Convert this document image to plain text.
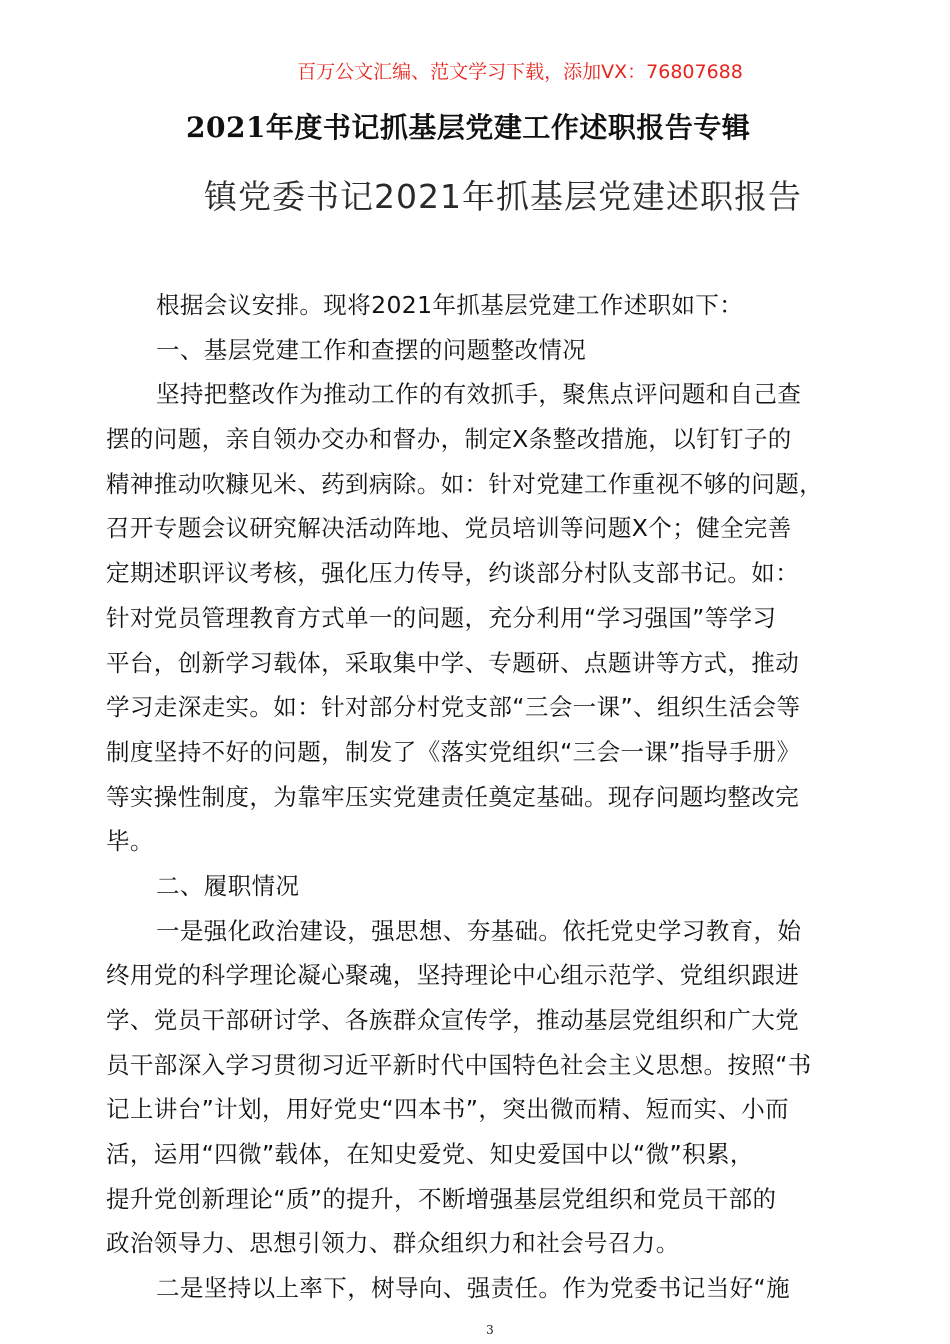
百万公文汇编、范文学习下载，添加VX：76807688
2021年度书记抓基层党建工作述职报告专辑
镇党委书记2021年抓基层党建述职报告
根据会议安排。现将2021年抓基层党建工作述职如下：
一、基层党建工作和查摆的问题整改情况
坚持把整改作为推动工作的有效抓手，聚焦点评问题和自己查
摆的问题，亲自领办交办和督办，制定X条整改措施，以钉钉子的
精神推动吹糠见米、药到病除。如：针对党建工作重视不够的问题，
召开专题会议研究解决活动阵地、党员培训等问题X个；健全完善
定期述职评议考核，强化压力传导，约谈部分村队支部书记。如：
针对党员管理教育方式单一的问题，充分利用“学习强国”等学习
平台，创新学习载体，采取集中学、专题研、点题讲等方式，推动
学习走深走实。如：针对部分村党支部“三会一课”、组织生活会等
制度坚持不好的问题，制发了《落实党组织“三会一课”指导手册》
等实操性制度，为靠牢压实党建责任奠定基础。现存问题均整改完
毕。
二、履职情况
一是强化政治建设，强思想、夯基础。依托党史学习教育，始
终用党的科学理论凝心聚魂，坚持理论中心组示范学、党组织跟进
学、党员干部研讨学、各族群众宣传学，推动基层党组织和广大党
员干部深入学习贯彻习近平新时代中国特色社会主义思想。按照“书
记上讲台”计划，用好党史“四本书”，突出微而精、短而实、小而
活，运用“四微”载体，在知史爱党、知史爱国中以“微”积累，
提升党创新理论“质”的提升，不断增强基层党组织和党员干部的
政治领导力、思想引领力、群众组织力和社会号召力。
二是坚持以上率下，树导向、强责任。作为党委书记当好“施
3
